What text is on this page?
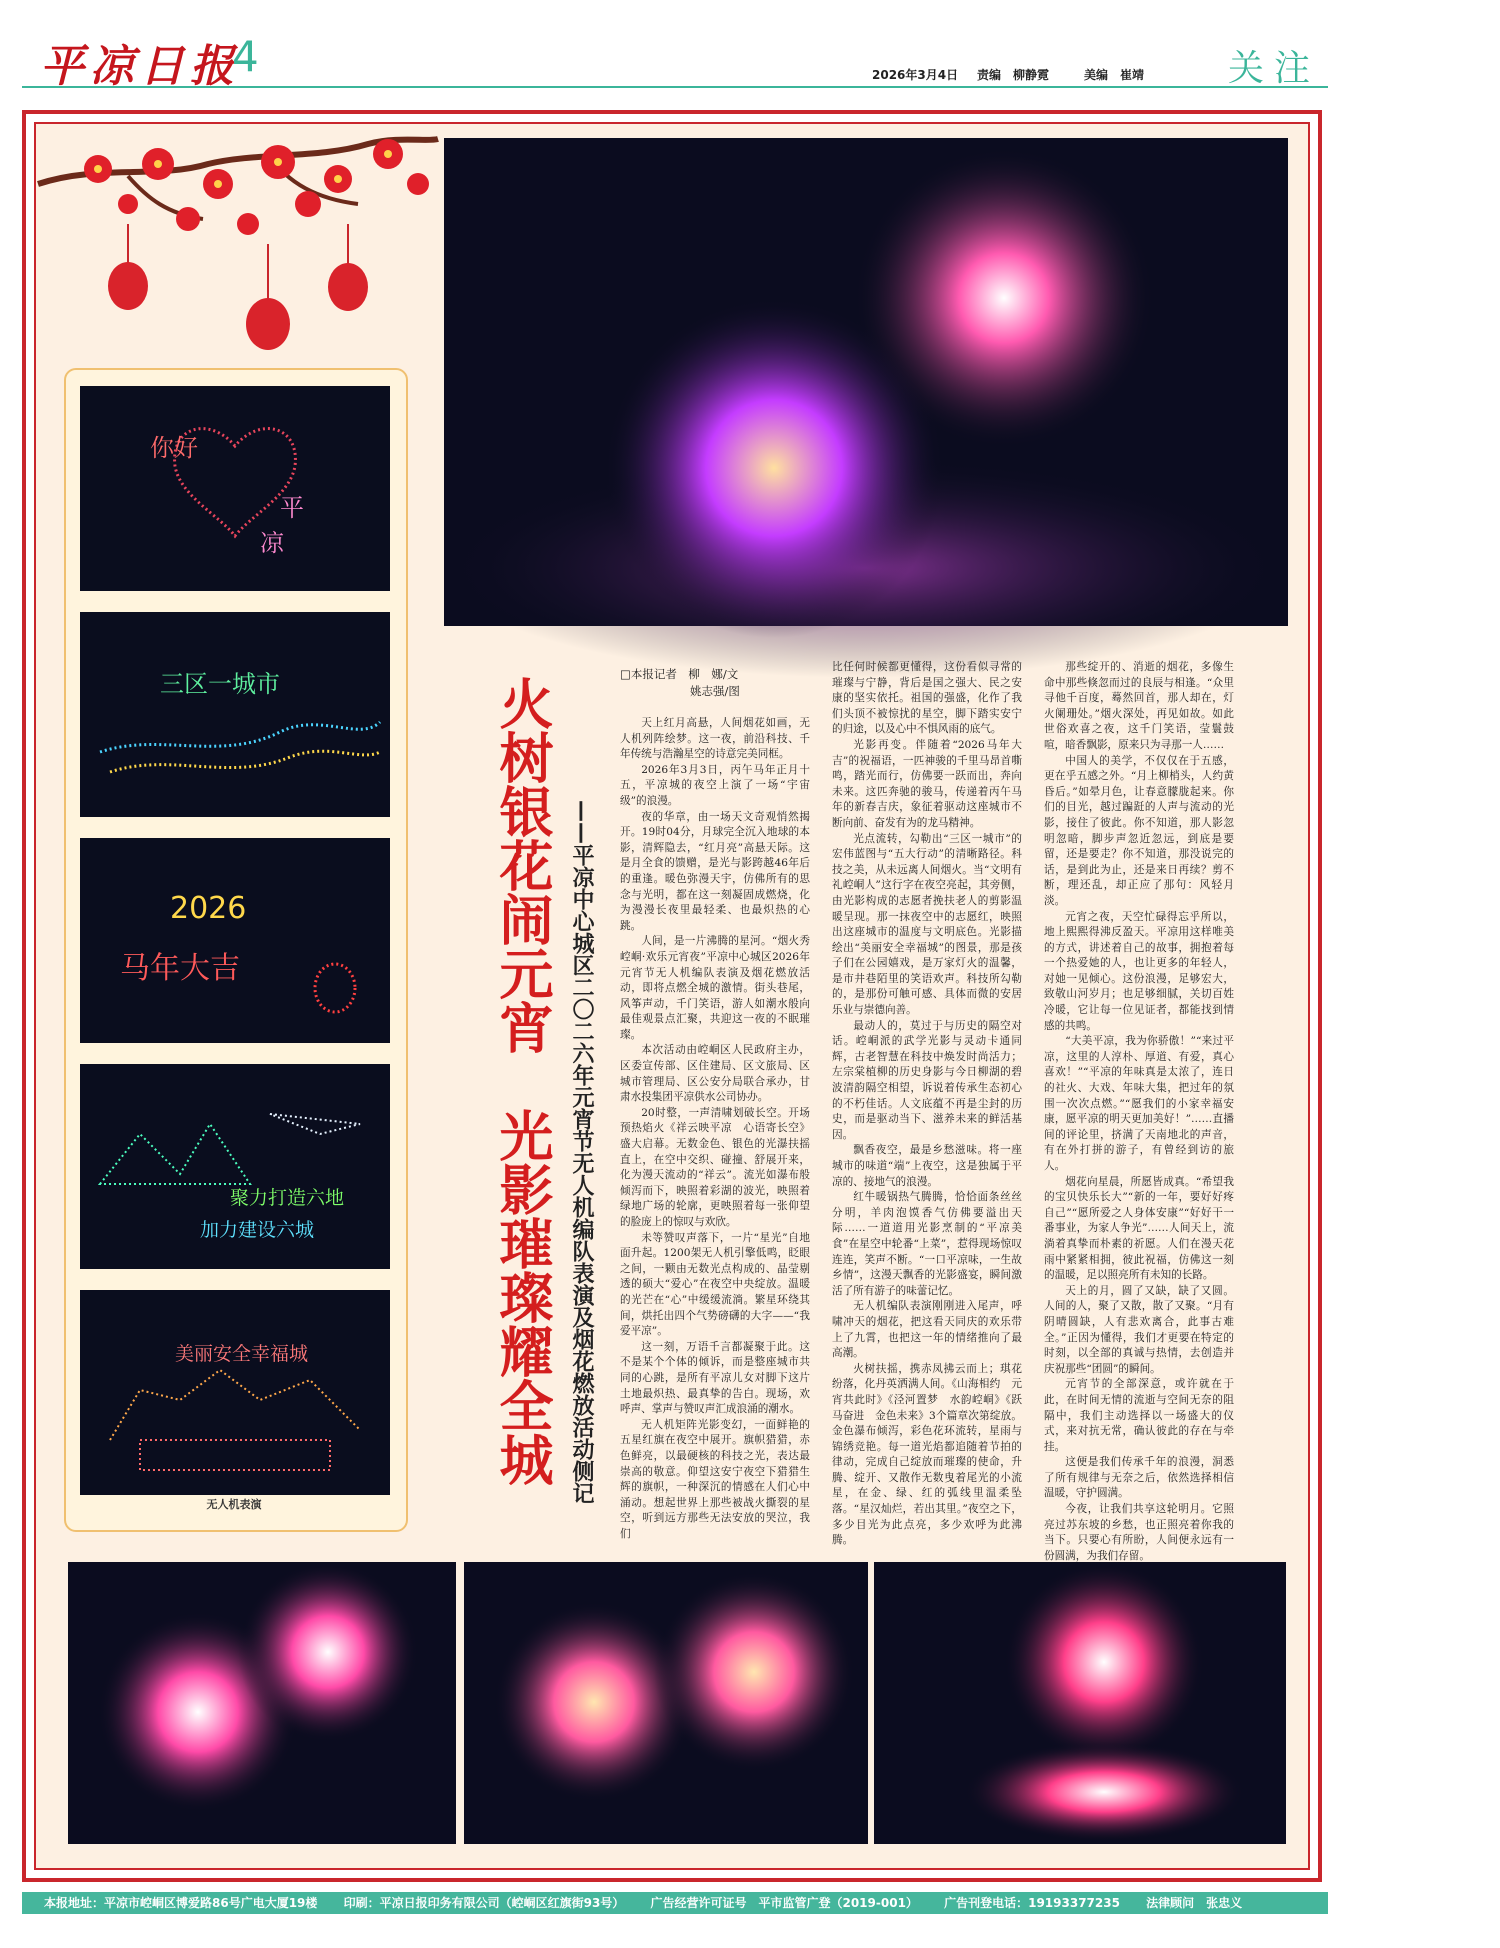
平凉日报
4	2026年3月4日 责编　柳静霓	美编　崔靖 关注
你好
平
凉
三区一城市
2026
马年大吉
聚力打造六地
加力建设六城
美丽安全幸福城
无人机表演
火树银花闹元宵　光影璀璨耀全城 ——平凉中心城区二〇二六年元宵节无人机编队表演及烟花燃放活动侧记
□本报记者　柳　娜/文
姚志强/图

天上红月高悬，人间烟花如画，无人机列阵绘梦。这一夜，前沿科技、千年传统与浩瀚星空的诗意完美同框。

2026年3月3日，丙午马年正月十五，平凉城的夜空上演了一场“宇宙级”的浪漫。

夜的华章，由一场天文奇观悄然揭开。19时04分，月球完全沉入地球的本影，清辉隐去，“红月亮”高悬天际。这是月全食的馈赠，是光与影跨越46年后的重逢。暖色弥漫天宇，仿佛所有的思念与光明，都在这一刻凝固成燃烧，化为漫漫长夜里最轻柔、也最炽热的心跳。

人间，是一片沸腾的星河。“烟火秀崆峒·欢乐元宵夜”平凉中心城区2026年元宵节无人机编队表演及烟花燃放活动，即将点燃全城的激情。街头巷尾，风筝声动，千门笑语，游人如潮水般向最佳观景点汇聚，共迎这一夜的不眠璀璨。

本次活动由崆峒区人民政府主办，区委宣传部、区住建局、区文旅局、区城市管理局、区公安分局联合承办，甘肃水投集团平凉供水公司协办。

20时整，一声清啸划破长空。开场预热焰火《祥云映平凉　心语寄长空》盛大启幕。无数金色、银色的光瀑扶摇直上，在空中交织、碰撞、舒展开来，化为漫天流动的“祥云”。流光如瀑布般倾泻而下，映照着彩湖的波光，映照着绿地广场的轮廓，更映照着每一张仰望的脸庞上的惊叹与欢欣。

未等赞叹声落下，一片“星光”自地面升起。1200架无人机引擎低鸣，眨眼之间，一颗由无数光点构成的、晶莹剔透的硕大“爱心”在夜空中央绽放。温暖的光芒在“心”中缓缓流淌。繁星环绕其间，烘托出四个气势磅礴的大字——“我爱平凉”。

这一刻，万语千言都凝聚于此。这不是某个个体的倾诉，而是整座城市共同的心跳，是所有平凉儿女对脚下这片土地最炽热、最真挚的告白。现场，欢呼声、掌声与赞叹声汇成浪涌的潮水。

无人机矩阵光影变幻，一面鲜艳的五星红旗在夜空中展开。旗帜猎猎，赤色鲜亮，以最硬核的科技之光，表达最崇高的敬意。仰望这安宁夜空下猎猎生辉的旗帜，一种深沉的情感在人们心中涌动。想起世界上那些被战火撕裂的星空，听到远方那些无法安放的哭泣，我们

比任何时候都更懂得，这份看似寻常的璀璨与宁静，背后是国之强大、民之安康的坚实依托。祖国的强盛，化作了我们头顶不被惊扰的星空，脚下踏实安宁的归途，以及心中不惧风雨的底气。

光影再变。伴随着“2026马年大吉”的祝福语，一匹神骏的千里马昂首嘶鸣，踏光而行，仿佛要一跃而出，奔向未来。这匹奔驰的骏马，传递着丙午马年的新春吉庆，象征着驱动这座城市不断向前、奋发有为的龙马精神。

光点流转，勾勒出“三区一城市”的宏伟蓝图与“五大行动”的清晰路径。科技之美，从未远离人间烟火。当“文明有礼崆峒人”这行字在夜空亮起，其旁侧，由光影构成的志愿者挽扶老人的剪影温暖呈现。那一抹夜空中的志愿红，映照出这座城市的温度与文明底色。光影描绘出“美丽安全幸福城”的图景，那是孩子们在公园嬉戏，是万家灯火的温馨，是市井巷陌里的笑语欢声。科技所勾勒的，是那份可触可感、具体而微的安居乐业与崇德向善。

最动人的，莫过于与历史的隔空对话。崆峒派的武学光影与灵动卡通同辉，古老智慧在科技中焕发时尚活力；左宗棠植柳的历史身影与今日柳湖的碧波清韵隔空相望，诉说着传承生态初心的不朽佳话。人文底蕴不再是尘封的历史，而是驱动当下、滋养未来的鲜活基因。

飘香夜空，最是乡愁滋味。将一座城市的味道“端”上夜空，这是独属于平凉的、接地气的浪漫。

红牛暖锅热气腾腾，恰恰面条丝丝分明，羊肉泡馍香气仿佛要溢出天际……一道道用光影烹制的“平凉美食”在星空中轮番“上菜”，惹得现场惊叹连连，笑声不断。“一口平凉味，一生故乡情”，这漫天飘香的光影盛宴，瞬间激活了所有游子的味蕾记忆。

无人机编队表演刚刚进入尾声，呼啸冲天的烟花，把这看天同庆的欢乐带上了九霄，也把这一年的情绪推向了最高潮。

火树扶摇，携赤凤拂云而上；琪花纷落，化丹英洒满人间。《山海相约　元宵共此时》《泾河置梦　水韵崆峒》《跃马奋进　金色未来》3个篇章次第绽放。金色瀑布倾泻，彩色花环流转，星雨与锦绣竞艳。每一道光焰都追随着节拍的律动，完成自己绽放而璀璨的使命，升腾、绽开、又散作无数曳着尾光的小流星，在金、绿、红的弧线里温柔坠落。“星汉灿烂，若出其里。”夜空之下，多少目光为此点亮，多少欢呼为此沸腾。

那些绽开的、消逝的烟花，多像生命中那些倏忽而过的良辰与相逢。“众里寻他千百度，蓦然回首，那人却在，灯火阑珊处。”烟火深处，再见如故。如此世俗欢喜之夜，这千门笑语，莹鬟鼓喧，暗香飘影，原来只为寻那一人……

中国人的美学，不仅仅在于五感，更在乎五感之外。“月上柳梢头，人约黄昏后。”如晕月色，让春意朦胧起来。你们的目光，越过蹁跹的人声与流动的光影，接住了彼此。你不知道，那人影忽明忽暗，脚步声忽近忽远，到底是要留，还是要走？你不知道，那没说完的话，是到此为止，还是来日再续？剪不断，理还乱，却正应了那句：风轻月淡。

元宵之夜，天空忙碌得忘乎所以，地上熙熙得沸反盈天。平凉用这样唯美的方式，讲述着自己的故事，拥抱着每一个热爱她的人，也让更多的年轻人，对她一见倾心。这份浪漫，足够宏大，致敬山河岁月；也足够细腻，关切百姓冷暖，它让每一位见证者，都能找到情感的共鸣。

“大美平凉，我为你骄傲！”“来过平凉，这里的人淳朴、厚道、有爱，真心喜欢！”“平凉的年味真是太浓了，连日的社火、大戏、年味大集，把过年的氛围一次次点燃。”“愿我们的小家幸福安康，愿平凉的明天更加美好！”……直播间的评论里，挤满了天南地北的声音，有在外打拼的游子，有曾经到访的旅人。

烟花向星晨，所愿皆成真。“希望我的宝贝快乐长大”“新的一年，要好好疼自己”“愿所爱之人身体安康”“好好干一番事业，为家人争光”……人间天上，流淌着真挚而朴素的祈愿。人们在漫天花雨中紧紧相拥，彼此祝福，仿佛这一刻的温暖，足以照亮所有未知的长路。

天上的月，圆了又缺，缺了又圆。人间的人，聚了又散，散了又聚。“月有阴晴圆缺，人有悲欢离合，此事古难全。”正因为懂得，我们才更要在特定的时刻，以全部的真诚与热情，去创造并庆祝那些“团圆”的瞬间。

元宵节的全部深意，或许就在于此，在时间无情的流逝与空间无奈的阻隔中，我们主动选择以一场盛大的仪式，来对抗无常，确认彼此的存在与牵挂。

这便是我们传承千年的浪漫，洞悉了所有规律与无奈之后，依然选择相信温暖，守护圆满。

今夜，让我们共享这轮明月。它照亮过苏东坡的乡愁，也正照亮着你我的当下。只要心有所盼，人间便永远有一份圆满，为我们存留。

本报地址：平凉市崆峒区博爱路86号广电大厦19楼 印刷：平凉日报印务有限公司（崆峒区红旗街93号） 广告经营许可证号　平市监管广登（2019-001） 广告刊登电话：19193377235 法律顾问　张忠义
